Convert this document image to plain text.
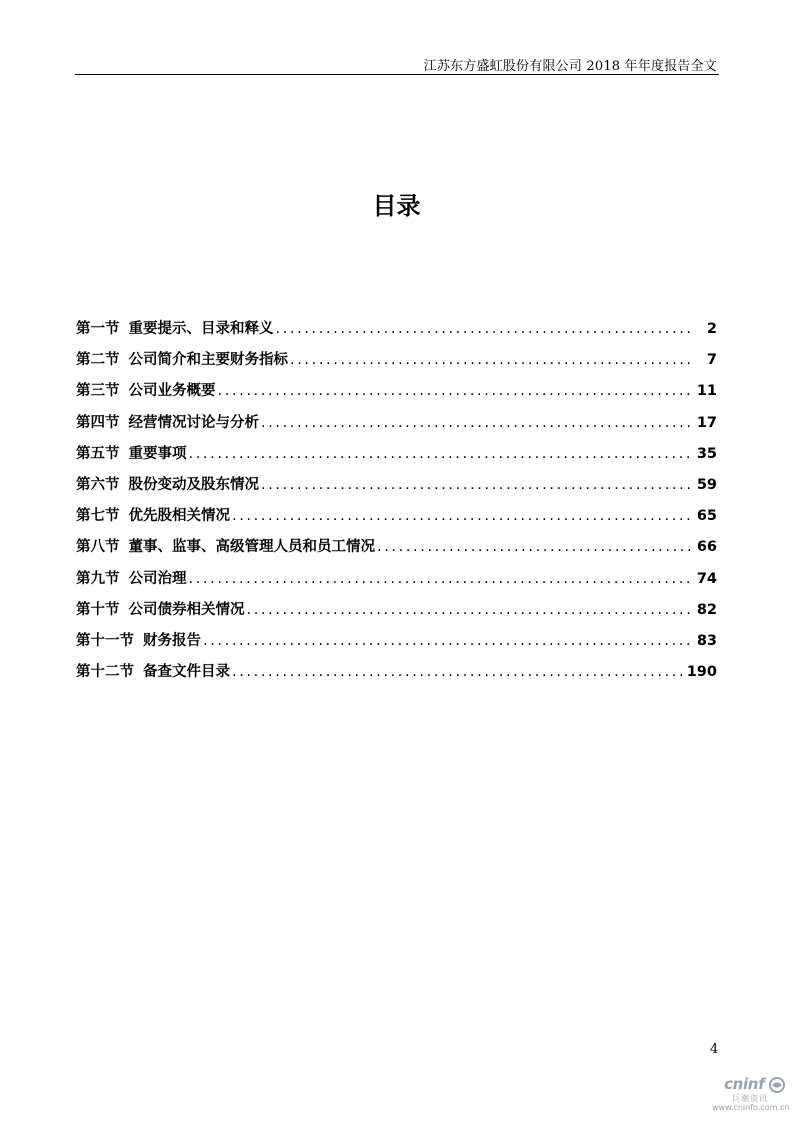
江苏东方盛虹股份有限公司 2018 年年度报告全文
目录
第一节 重要提示、目录和释义 .....	2
第二节 公司简介和主要财务指标 .....	7
第三节 公司业务概要 .....	11
第四节 经营情况讨论与分析 .....	17
第五节 重要事项 .....	35
第六节 股份变动及股东情况 .....	59
第七节 优先股相关情况 .....	65
第八节 董事、监事、高级管理人员和员工情况 .....	66
第九节 公司治理 .....	74
第十节 公司债券相关情况 .....	82
第十一节 财务报告 .....	83
第十二节 备查文件目录 .....	190
4
cninf
巨潮资讯
www.cninfo.com.cn
